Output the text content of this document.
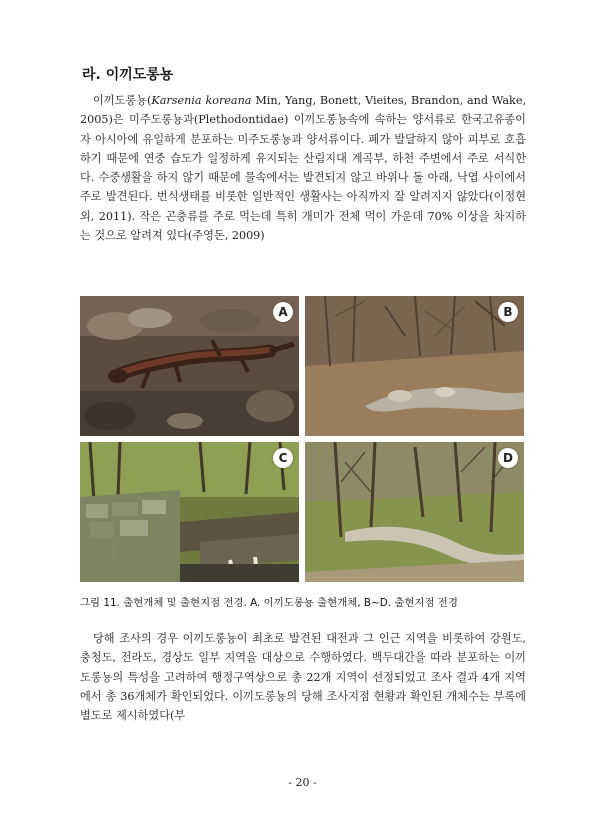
라. 이끼도롱뇽

이끼도롱뇽(Karsenia koreana Min, Yang, Bonett, Vieites, Brandon, and Wake, 2005)은 미주도롱뇽과(Plethodontidae) 이끼도롱뇽속에 속하는 양서류로 한국고유종이자 아시아에 유일하게 분포하는 미주도롱뇽과 양서류이다. 폐가 발달하지 않아 피부로 호흡하기 때문에 연중 습도가 일정하게 유지되는 산림지대 계곡부, 하천 주변에서 주로 서식한다. 수중생활을 하지 않기 때문에 물속에서는 발견되지 않고 바위나 돌 아래, 낙엽 사이에서 주로 발견된다. 번식생태를 비롯한 일반적인 생활사는 아직까지 잘 알려지지 않았다(이정현 외, 2011). 작은 곤충류를 주로 먹는데 특히 개미가 전체 먹이 가운데 70% 이상을 차지하는 것으로 알려져 있다(주영돈, 2009)

A	B
C	D

그림 11. 출현개체 및 출현지점 전경. A. 이끼도롱뇽 출현개체, B~D. 출현지점 전경

당해 조사의 경우 이끼도롱뇽이 최초로 발견된 대전과 그 인근 지역을 비롯하여 강원도, 충청도, 전라도, 경상도 일부 지역을 대상으로 수행하였다. 백두대간을 따라 분포하는 이끼도롱뇽의 특성을 고려하여 행정구역상으로 총 22개 지역이 선정되었고 조사 결과 4개 지역에서 총 36개체가 확인되었다. 이끼도롱뇽의 당해 조사지점 현황과 확인된 개체수는 부록에 별도로 제시하였다(부

- 20 -
